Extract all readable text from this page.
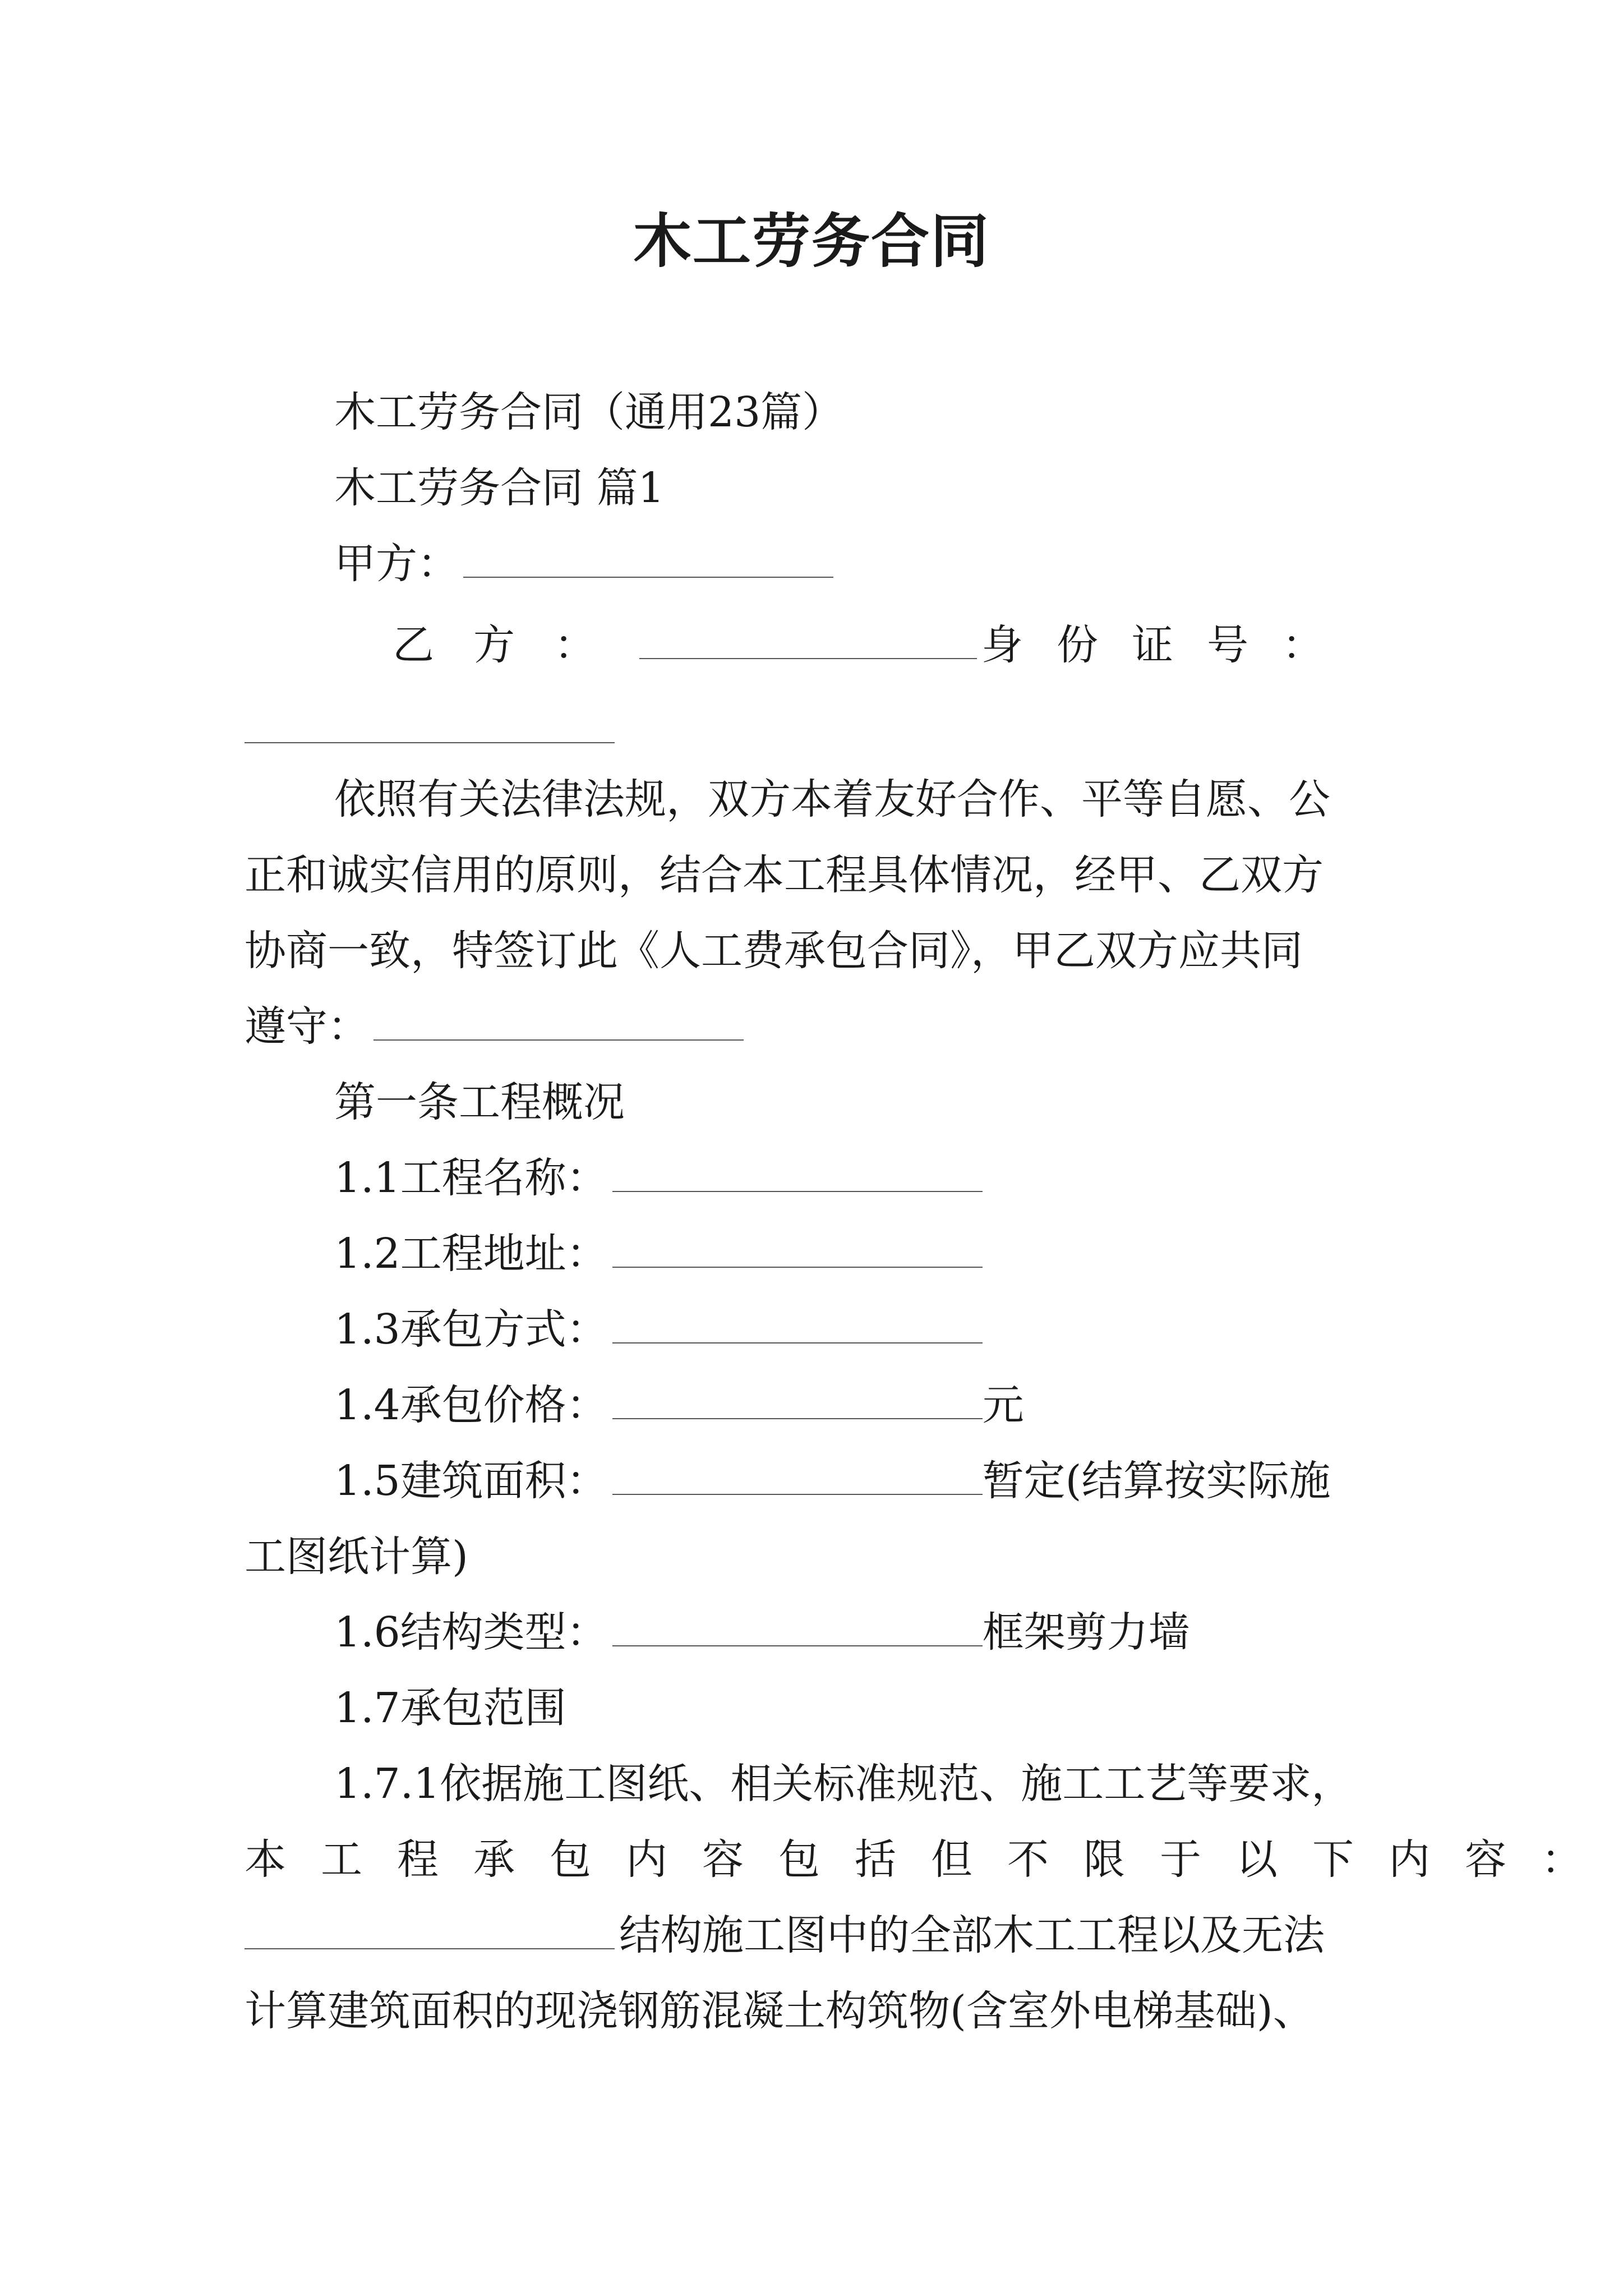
木工劳务合同
木工劳务合同（通用23篇）
木工劳务合同 篇1
甲方：
乙方：	身份证号：
依照有关法律法规，双方本着友好合作、平等自愿、公
正和诚实信用的原则，结合本工程具体情况，经甲、乙双方
协商一致，特签订此《人工费承包合同》，甲乙双方应共同
遵守：
第一条工程概况
1.1工程名称：
1.2工程地址：
1.3承包方式：
1.4承包价格：	元
1.5建筑面积：	暂定(结算按实际施
工图纸计算)
1.6结构类型：	框架剪力墙
1.7承包范围
1.7.1依据施工图纸、相关标准规范、施工工艺等要求，
本工程承包内容包括但不限于以下内容：
结构施工图中的全部木工工程以及无法
计算建筑面积的现浇钢筋混凝土构筑物(含室外电梯基础)、
